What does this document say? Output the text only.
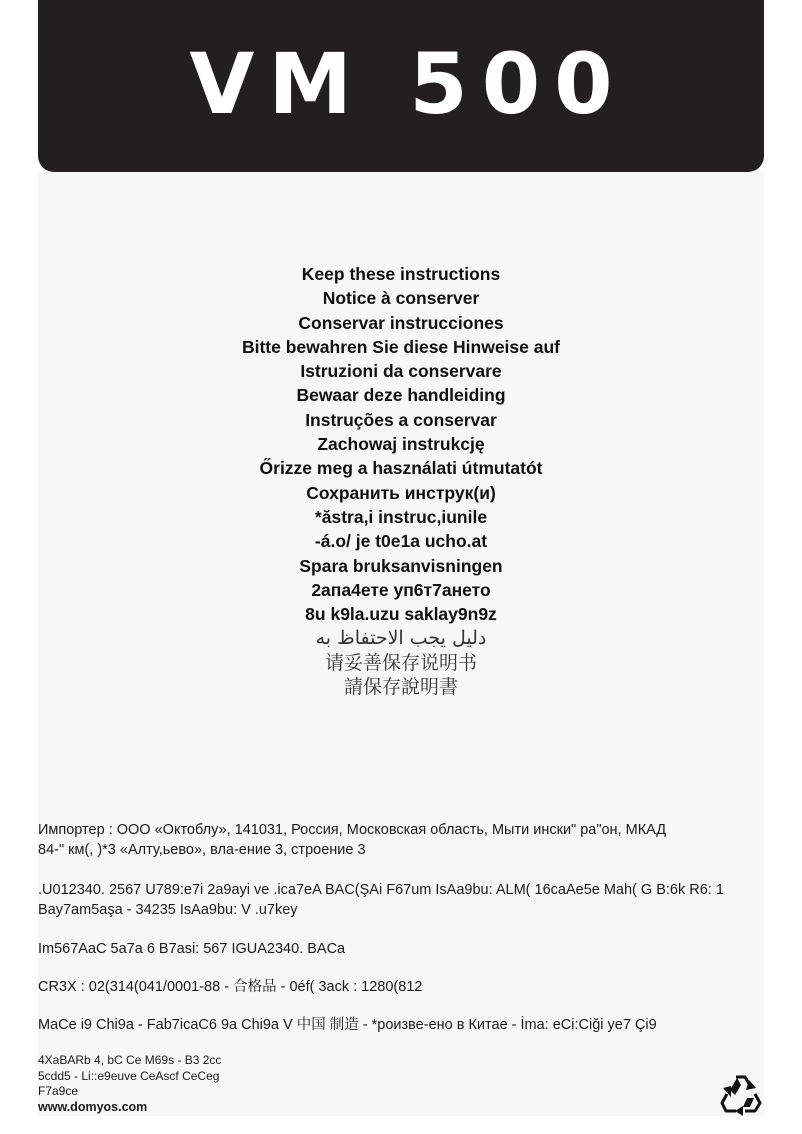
VM 500
Keep these instructions
Notice à conserver
Conservar instrucciones
Bitte bewahren Sie diese Hinweise auf
Istruzioni da conservare
Bewaar deze handleiding
Instruções a conservar
Zachowaj instrukcję
Őrizze meg a használati útmutatót
Сохранить инструк(и)
*ăstra,i instruc,iunile
-á.o/ je t0e1a ucho.at
Spara bruksanvisningen
2апа4ете уп6т7ането
8u k9la.uzu saklay9n9z
دليل يجب الاحتفاظ به
请妥善保存说明书
請保存說明書

Импортер : ООО «Октоблу», 141031, Россия, Московская область, Мыти ински" ра"он, МКАД

84-" км(, )*3 «Алту,ьево», вла-ение 3, строение 3

.U012340. 2567 U789:e7i 2a9ayi ve .ica7eA BAC(ŞAi F67um IsAa9bu: ALM( 16caAe5e Mah( G B:6k R6: 1

Bay7am5aşa - 34235 IsAa9bu: V .u7key

Im567AaC 5a7a 6 B7asi: 567 IGUA2340. BACa

CR3X : 02(314(041/0001-88 - 合格品 - 0éf( 3ack : 1280(812

MaCe i9 Chi9a - Fab7icaC6 9a Chi9a V 中国 制造 - *роизве-ено в Китае - İma: eCi:Ciği ye7 Çi9

4XaBARb 4, bC Ce M69s - B3 2cc

5cdd5 - Li::e9euve CeAscf CeCeg

F7a9ce

www.domyos.com
